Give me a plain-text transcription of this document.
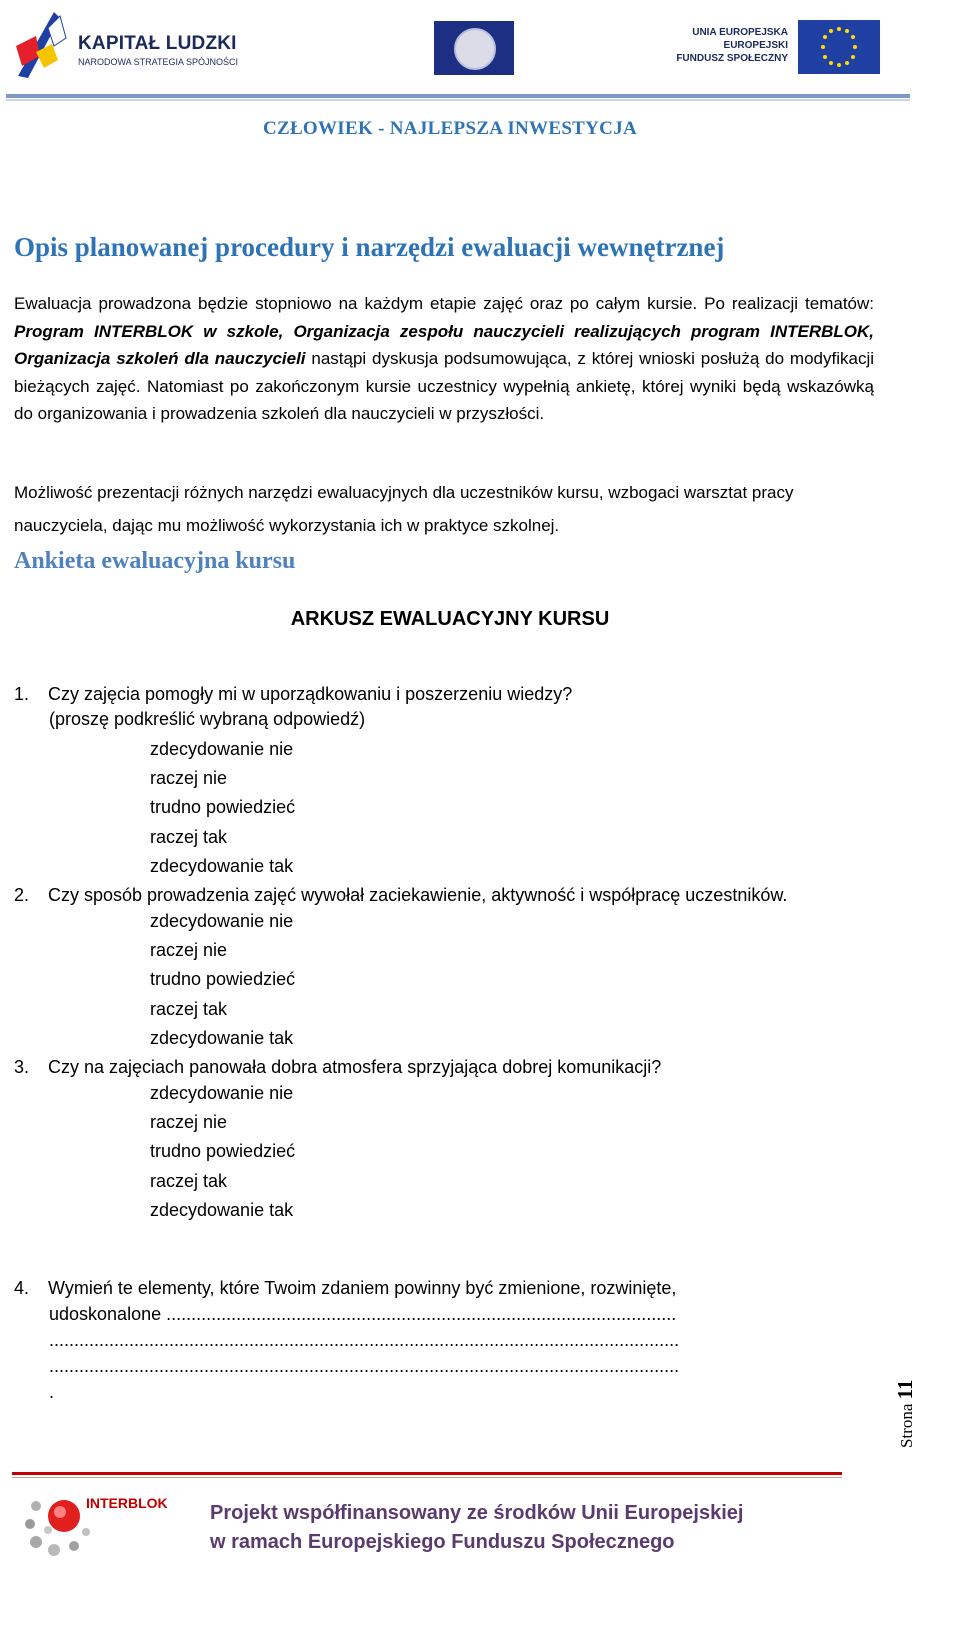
KAPITAŁ LUDZKI
NARODOWA STRATEGIA SPÓJNOŚCI
UNIA EUROPEJSKA
EUROPEJSKI
FUNDUSZ SPOŁECZNY
CZŁOWIEK - NAJLEPSZA INWESTYCJA
Opis planowanej procedury i narzędzi ewaluacji wewnętrznej
Ewaluacja prowadzona będzie stopniowo na każdym etapie zajęć oraz po całym kursie. Po realizacji tematów: Program INTERBLOK w szkole, Organizacja zespołu nauczycieli realizujących program INTERBLOK, Organizacja szkoleń dla nauczycieli nastąpi dyskusja podsumowująca, z której wnioski posłużą do modyfikacji bieżących zajęć. Natomiast po zakończonym kursie uczestnicy wypełnią ankietę, której wyniki będą wskazówką do organizowania i prowadzenia szkoleń dla nauczycieli w przyszłości.
Możliwość prezentacji różnych narzędzi ewaluacyjnych dla uczestników kursu, wzbogaci warsztat pracy nauczyciela, dając mu możliwość wykorzystania ich w praktyce szkolnej.
Ankieta ewaluacyjna kursu
ARKUSZ EWALUACYJNY KURSU
1. Czy zajęcia pomogły mi w uporządkowaniu i poszerzeniu wiedzy?
(proszę podkreślić wybraną odpowiedź)
zdecydowanie nie
raczej nie
trudno powiedzieć
raczej tak
zdecydowanie tak
2. Czy sposób prowadzenia zajęć wywołał zaciekawienie, aktywność i współpracę uczestników.
zdecydowanie nie
raczej nie
trudno powiedzieć
raczej tak
zdecydowanie tak
3. Czy na zajęciach panowała dobra atmosfera sprzyjająca dobrej komunikacji?
zdecydowanie nie
raczej nie
trudno powiedzieć
raczej tak
zdecydowanie tak
4. Wymień te elementy, które Twoim zdaniem powinny być zmienione, rozwinięte,
udoskonalone ......................................................................................................
..............................................................................................................................
..............................................................................................................................
.
Strona 11
INTERBLOK Projekt współfinansowany ze środków Unii Europejskiej
w ramach Europejskiego Funduszu Społecznego
